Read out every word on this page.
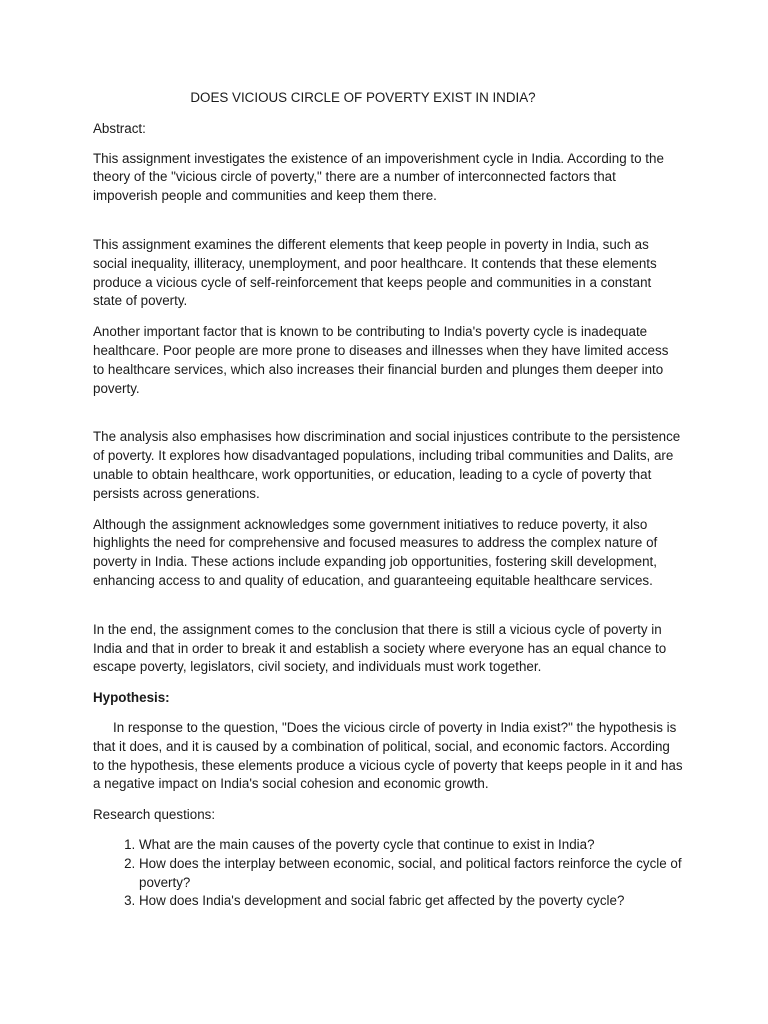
DOES VICIOUS CIRCLE OF POVERTY EXIST IN INDIA?
Abstract:

This assignment investigates the existence of an impoverishment cycle in India. According to the theory of the "vicious circle of poverty," there are a number of interconnected factors that impoverish people and communities and keep them there.

This assignment examines the different elements that keep people in poverty in India, such as social inequality, illiteracy, unemployment, and poor healthcare. It contends that these elements produce a vicious cycle of self-reinforcement that keeps people and communities in a constant state of poverty.

Another important factor that is known to be contributing to India's poverty cycle is inadequate healthcare. Poor people are more prone to diseases and illnesses when they have limited access to healthcare services, which also increases their financial burden and plunges them deeper into poverty.

The analysis also emphasises how discrimination and social injustices contribute to the persistence of poverty. It explores how disadvantaged populations, including tribal communities and Dalits, are unable to obtain healthcare, work opportunities, or education, leading to a cycle of poverty that persists across generations.

Although the assignment acknowledges some government initiatives to reduce poverty, it also highlights the need for comprehensive and focused measures to address the complex nature of poverty in India. These actions include expanding job opportunities, fostering skill development, enhancing access to and quality of education, and guaranteeing equitable healthcare services.

In the end, the assignment comes to the conclusion that there is still a vicious cycle of poverty in India and that in order to break it and establish a society where everyone has an equal chance to escape poverty, legislators, civil society, and individuals must work together.

Hypothesis:

In response to the question, "Does the vicious circle of poverty in India exist?" the hypothesis is that it does, and it is caused by a combination of political, social, and economic factors. According to the hypothesis, these elements produce a vicious cycle of poverty that keeps people in it and has a negative impact on India's social cohesion and economic growth.

Research questions:
1. What are the main causes of the poverty cycle that continue to exist in India?
2. How does the interplay between economic, social, and political factors reinforce the cycle of poverty?
3. How does India's development and social fabric get affected by the poverty cycle?
